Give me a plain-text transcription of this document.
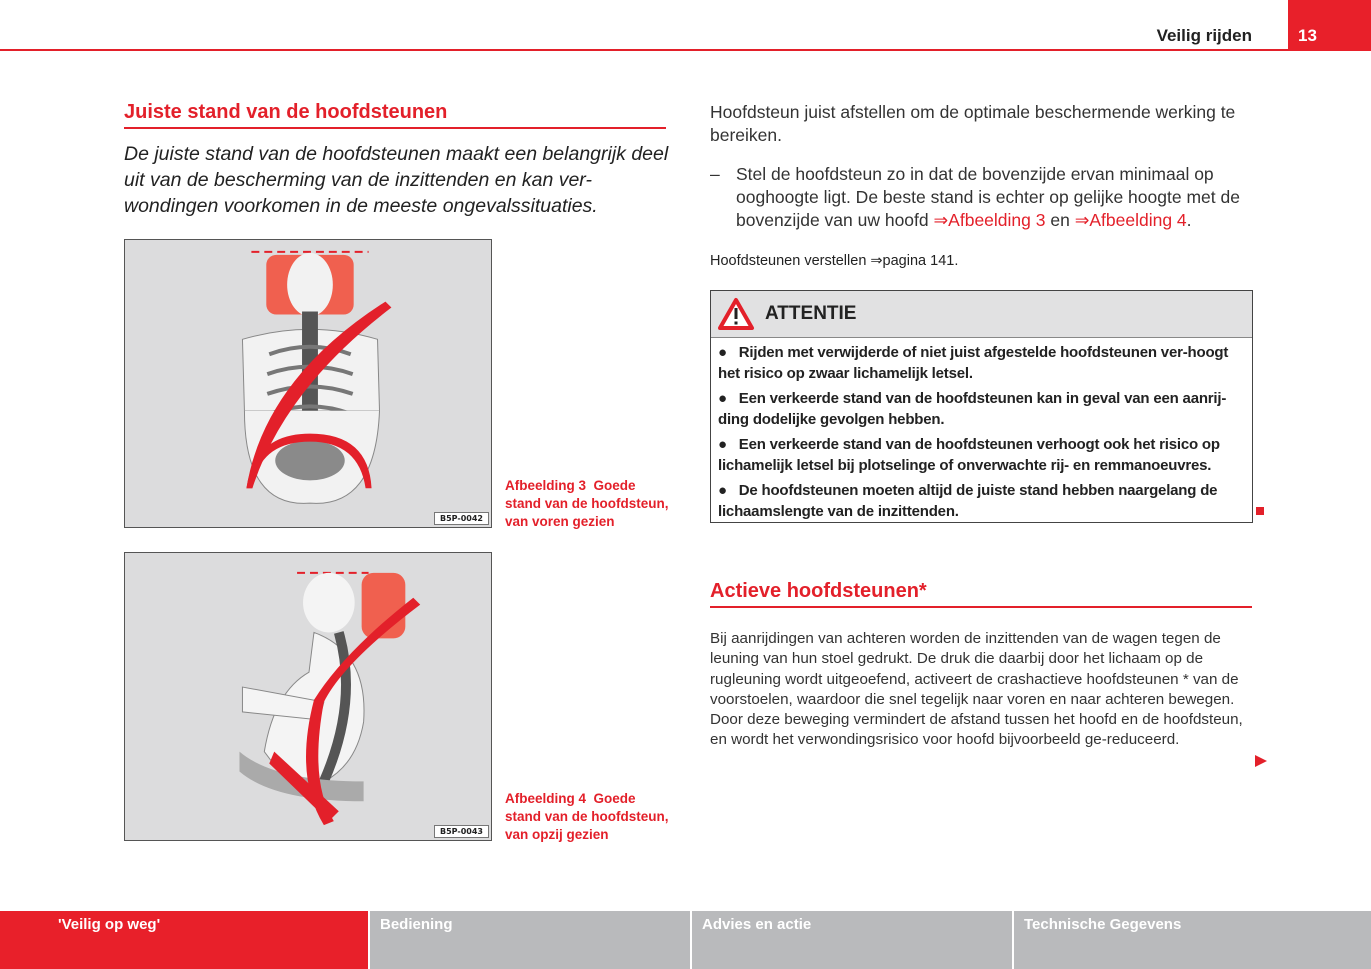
Veilig rijden	13
Juiste stand van de hoofdsteunen
De juiste stand van de hoofdsteunen maakt een belangrijk deel uit van de bescherming van de inzittenden en kan ver-wondingen voorkomen in de meeste ongevalssituaties.
B5P-0042
Afbeelding 3 Goede stand van de hoofdsteun, van voren gezien
B5P-0043
Afbeelding 4 Goede stand van de hoofdsteun, van opzij gezien
Hoofdsteun juist afstellen om de optimale beschermende werking te bereiken.
– Stel de hoofdsteun zo in dat de bovenzijde ervan minimaal op ooghoogte ligt. De beste stand is echter op gelijke hoogte met de bovenzijde van uw hoofd ⇒Afbeelding 3 en ⇒Afbeelding 4.
Hoofdsteunen verstellen ⇒pagina 141.
ATTENTIE
●   Rijden met verwijderde of niet juist afgestelde hoofdsteunen ver-hoogt het risico op zwaar lichamelijk letsel.
●   Een verkeerde stand van de hoofdsteunen kan in geval van een aanrij-ding dodelijke gevolgen hebben.
●   Een verkeerde stand van de hoofdsteunen verhoogt ook het risico op lichamelijk letsel bij plotselinge of onverwachte rij- en remmanoeuvres.
●   De hoofdsteunen moeten altijd de juiste stand hebben naargelang de lichaamslengte van de inzittenden.
Actieve hoofdsteunen*
Bij aanrijdingen van achteren worden de inzittenden van de wagen tegen de leuning van hun stoel gedrukt. De druk die daarbij door het lichaam op de rugleuning wordt uitgeoefend, activeert de crashactieve hoofdsteunen * van de voorstoelen, waardoor die snel tegelijk naar voren en naar achteren bewegen. Door deze beweging vermindert de afstand tussen het hoofd en de hoofdsteun, en wordt het verwondingsrisico voor hoofd bijvoorbeeld ge-reduceerd.
'Veilig op weg'	Bediening	Advies en actie	Technische Gegevens
